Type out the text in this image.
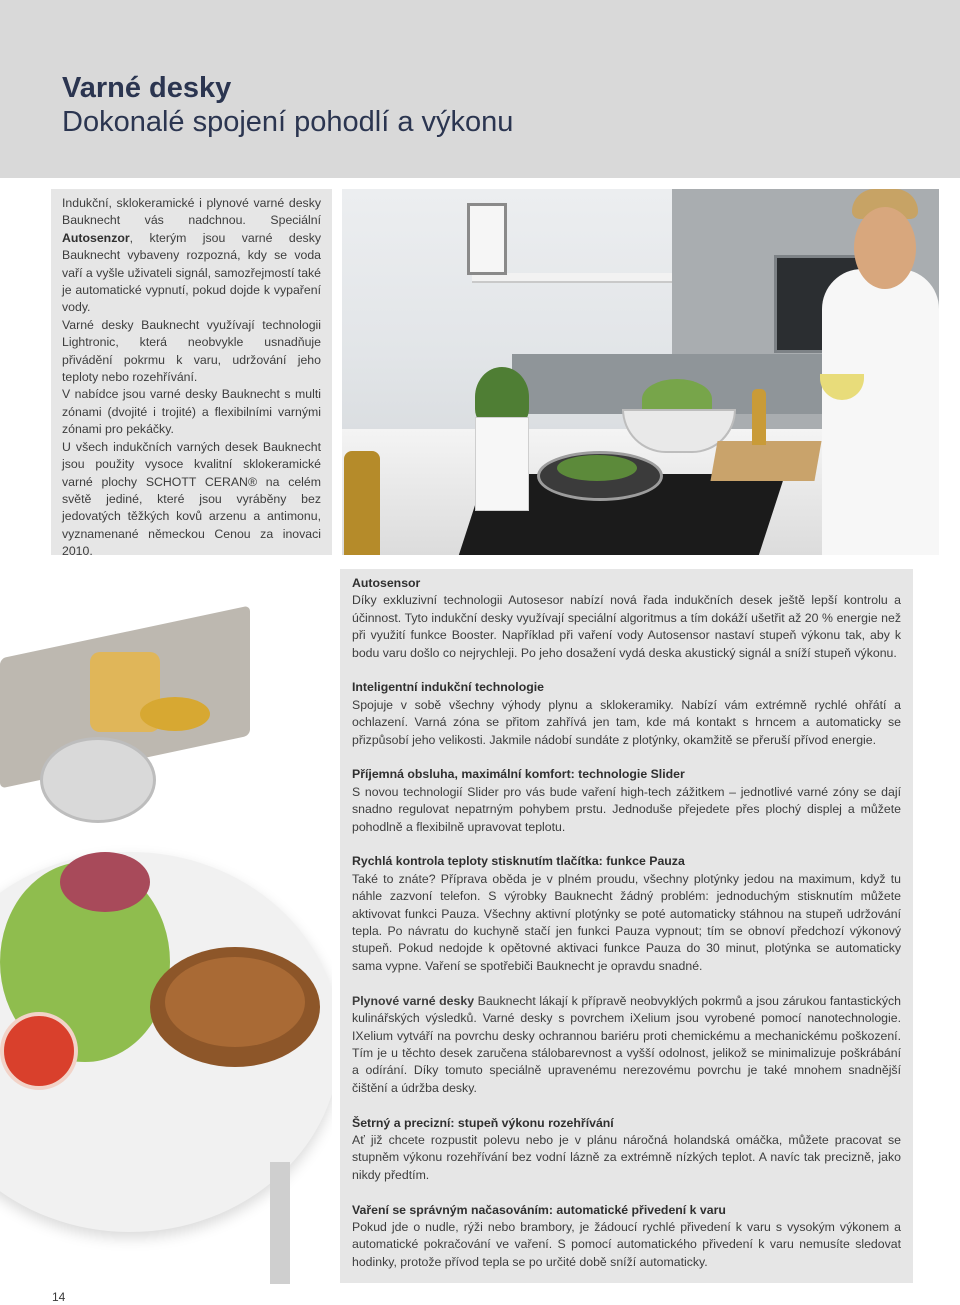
Varné desky
Dokonalé spojení pohodlí a výkonu

Indukční, sklokeramické i plynové varné desky Bauknecht vás nadchnou. Speciální Autosenzor, kterým jsou varné desky Bauknecht vybaveny rozpozná, kdy se voda vaří a vyšle uživateli signál, samozřejmostí také je automatické vypnutí, pokud dojde k vypaření vody.

Varné desky Bauknecht využívají technologii Lightronic, která neobvykle usnadňuje přivádění pokrmu k varu, udržování jeho teploty nebo rozehřívání.

V nabídce jsou varné desky Bauknecht s multi zónami (dvojité i trojité) a flexibilními varnými zónami pro pekáčky.

U všech indukčních varných desek Bauknecht jsou použity vysoce kvalitní sklokeramické varné plochy SCHOTT CERAN® na celém světě jediné, které jsou vyráběny bez jedovatých těžkých kovů arzenu a antimonu, vyznamenané německou Cenou za inovaci 2010.

Autosensor

Díky exkluzivní technologii Autosesor nabízí nová řada indukčních desek ještě lepší kontrolu a účinnost. Tyto indukční desky využívají speciální algoritmus a tím dokáží ušetřit až 20 % energie než při využití funkce Booster. Například při vaření vody Autosensor nastaví stupeň výkonu tak, aby k bodu varu došlo co nejrychleji. Po jeho dosažení vydá deska akustický signál a sníží stupeň výkonu.

Inteligentní indukční technologie

Spojuje v sobě všechny výhody plynu a sklokeramiky. Nabízí vám extrémně rychlé ohřátí a ochlazení. Varná zóna se přitom zahřívá jen tam, kde má kontakt s hrncem a automaticky se přizpůsobí jeho velikosti. Jakmile nádobí sundáte z plotýnky, okamžitě se přeruší přívod energie.

Příjemná obsluha, maximální komfort: technologie Slider

S novou technologií Slider pro vás bude vaření high-tech zážitkem – jednotlivé varné zóny se dají snadno regulovat nepatrným pohybem prstu. Jednoduše přejedete přes plochý displej a můžete pohodlně a flexibilně upravovat teplotu.

Rychlá kontrola teploty stisknutím tlačítka: funkce Pauza

Také to znáte? Příprava oběda je v plném proudu, všechny plotýnky jedou na maximum, když tu náhle zazvoní telefon. S výrobky Bauknecht žádný problém: jednoduchým stisknutím můžete aktivovat funkci Pauza. Všechny aktivní plotýnky se poté automaticky stáhnou na stupeň udržování tepla. Po návratu do kuchyně stačí jen funkci Pauza vypnout; tím se obnoví předchozí výkonový stupeň. Pokud nedojde k opětovné aktivaci funkce Pauza do 30 minut, plotýnka se automaticky sama vypne. Vaření se spotřebiči Bauknecht je opravdu snadné.

Plynové varné desky Bauknecht lákají k přípravě neobvyklých pokrmů a jsou zárukou fantastických kulinářských výsledků. Varné desky s povrchem iXelium jsou vyrobené pomocí nanotechnologie. IXelium vytváří na povrchu desky ochrannou bariéru proti chemickému a mechanickému poškození. Tím je u těchto desek zaručena stálobarevnost a vyšší odolnost, jelikož se minimalizuje poškrábání a odírání. Díky tomuto speciálně upravenému nerezovému povrchu je také mnohem snadnější čištění a údržba desky.

Šetrný a precizní: stupeň výkonu rozehřívání

Ať již chcete rozpustit polevu nebo je v plánu náročná holandská omáčka, můžete pracovat se stupněm výkonu rozehřívání bez vodní lázně za extrémně nízkých teplot. A navíc tak precizně, jako nikdy předtím.

Vaření se správným načasováním: automatické přivedení k varu

Pokud jde o nudle, rýži nebo brambory, je žádoucí rychlé přivedení k varu s vysokým výkonem a automatické pokračování ve vaření. S pomocí automatického přivedení k varu nemusíte sledovat hodinky, protože přívod tepla se po určité době sníží automaticky.

14
